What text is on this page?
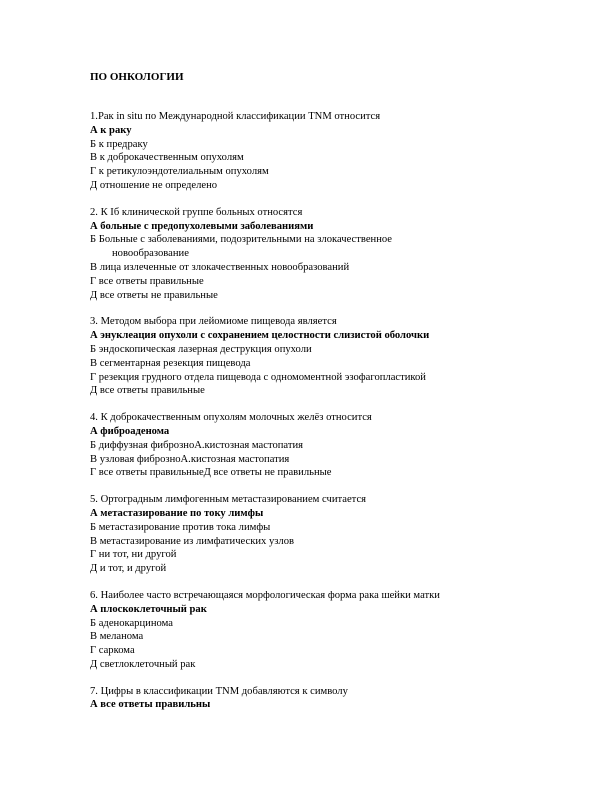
ПО ОНКОЛОГИИ
1.Рак in situ по Международной классификации TNM относится
А к раку
Б к предраку
В к доброкачественным опухолям
Г к ретикулоэндотелиальным опухолям
Д отношение не определено
2. К Iб клинической группе больных относятся
А больные с предопухолевыми заболеваниями
Б Больные с заболеваниями, подозрительными на злокачественное
новообразование
В лица излеченные от злокачественных новообразований
Г все ответы правильные
Д все ответы не правильные
3. Методом выбора при лейомиоме пищевода является
А энуклеация опухоли с сохранением целостности слизистой оболочки
Б эндоскопическая лазерная деструкция опухоли
В сегментарная резекция пищевода
Г резекция грудного отдела пищевода с одномоментной эзофагопластикой
Д все ответы правильные
4. К доброкачественным опухолям молочных желёз относится
А фиброаденома
Б диффузная фиброзноА.кистозная мастопатия
В узловая фиброзноА.кистозная мастопатия
Г все ответы правильныеД все ответы не правильные
5. Ортоградным лимфогенным метастазированием считается
А метастазирование по току лимфы
Б метастазирование против тока лимфы
В метастазирование из лимфатических узлов
Г ни тот, ни другой
Д и тот, и другой
6. Наиболее часто встречающаяся морфологическая форма рака шейки матки
А плоскоклеточный рак
Б аденокарцинома
В меланома
Г саркома
Д светлоклеточный рак
7. Цифры в классификации TNM добавляются к символу
А все ответы правильны
